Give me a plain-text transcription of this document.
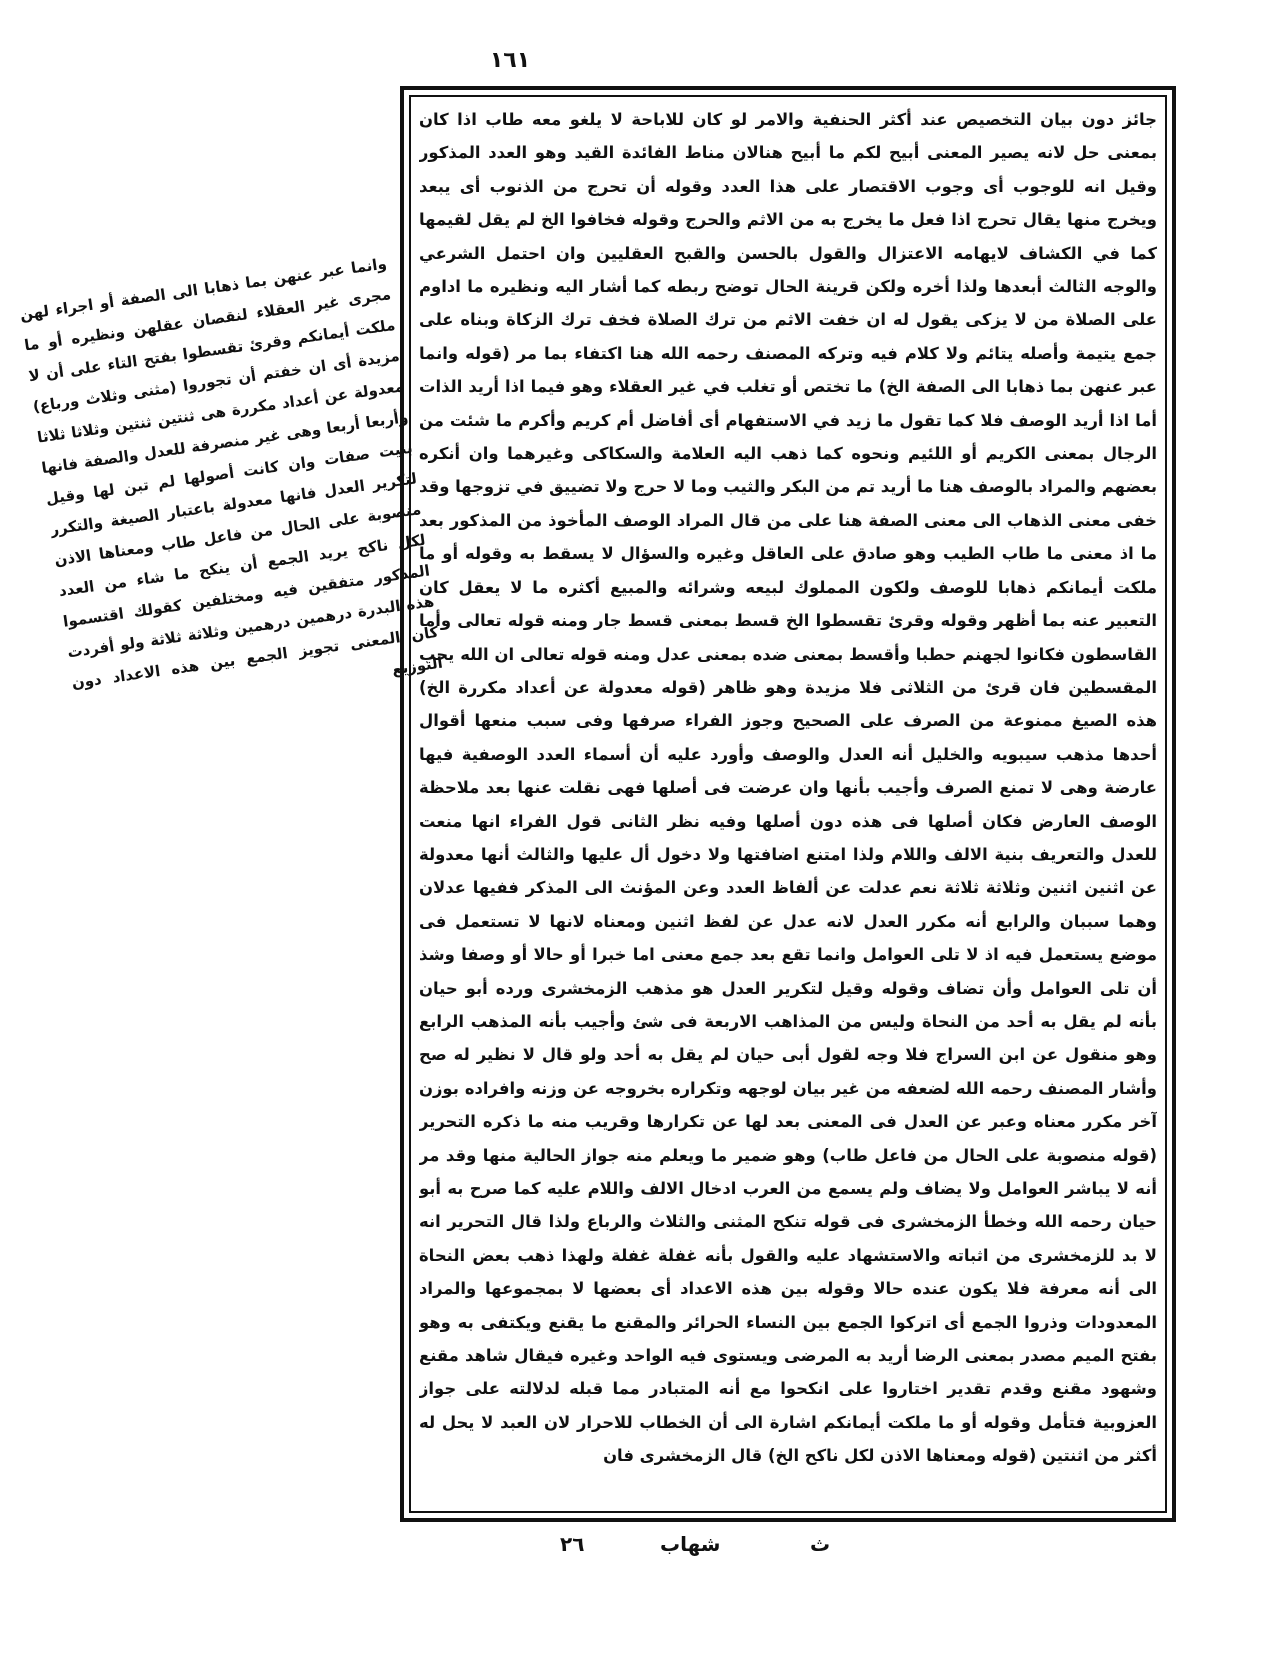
١٦١

جائز دون بيان التخصيص عند أكثر الحنفية والامر لو كان للاباحة لا يلغو معه طاب اذا كان بمعنى حل لانه يصير المعنى أبيح لكم ما أبيح هنالان مناط الفائدة القيد وهو العدد المذكور وقيل انه للوجوب أى وجوب الاقتصار على هذا العدد وقوله أن تحرج من الذنوب أى يبعد ويخرج منها يقال تحرج اذا فعل ما يخرج به من الاثم والحرج وقوله فخافوا الخ لم يقل لقيمها كما في الكشاف لايهامه الاعتزال والقول بالحسن والقبح العقليين وان احتمل الشرعي والوجه الثالث أبعدها ولذا أخره ولكن قرينة الحال توضح ربطه كما أشار اليه ونظيره ما اداوم على الصلاة من لا يزكى يقول له ان خفت الاثم من ترك الصلاة فخف ترك الزكاة وبناه على جمع يتيمة وأصله يتائم ولا كلام فيه وتركه المصنف رحمه الله هنا اكتفاء بما مر (قوله وانما عبر عنهن بما ذهابا الى الصفة الخ) ما تختص أو تغلب في غير العقلاء وهو فيما اذا أريد الذات أما اذا أريد الوصف فلا كما تقول ما زيد في الاستفهام أى أفاضل أم كريم وأكرم ما شئت من الرجال بمعنى الكريم أو اللئيم ونحوه كما ذهب اليه العلامة والسكاكى وغيرهما وان أنكره بعضهم والمراد بالوصف هنا ما أريد تم من البكر والثيب وما لا حرج ولا تضييق في تزوجها وقد خفى معنى الذهاب الى معنى الصفة هنا على من قال المراد الوصف المأخوذ من المذكور بعد ما اذ معنى ما طاب الطيب وهو صادق على العاقل وغيره والسؤال لا يسقط به وقوله أو ما ملكت أيمانكم ذهابا للوصف ولكون المملوك لبيعه وشرائه والمبيع أكثره ما لا يعقل كان التعبير عنه بما أظهر وقوله وقرئ تقسطوا الخ قسط بمعنى قسط جار ومنه قوله تعالى وأما القاسطون فكانوا لجهنم حطبا وأقسط بمعنى ضده بمعنى عدل ومنه قوله تعالى ان الله يحب المقسطين فان قرئ من الثلاثى فلا مزيدة وهو ظاهر (قوله معدولة عن أعداد مكررة الخ) هذه الصيغ ممنوعة من الصرف على الصحيح وجوز الفراء صرفها وفى سبب منعها أقوال أحدها مذهب سيبويه والخليل أنه العدل والوصف وأورد عليه أن أسماء العدد الوصفية فيها عارضة وهى لا تمنع الصرف وأجيب بأنها وان عرضت فى أصلها فهى نقلت عنها بعد ملاحظة الوصف العارض فكان أصلها فى هذه دون أصلها وفيه نظر الثانى قول الفراء انها منعت للعدل والتعريف بنية الالف واللام ولذا امتنع اضافتها ولا دخول أل عليها والثالث أنها معدولة عن اثنين اثنين وثلاثة ثلاثة نعم عدلت عن ألفاظ العدد وعن المؤنث الى المذكر ففيها عدلان وهما سببان والرابع أنه مكرر العدل لانه عدل عن لفظ اثنين ومعناه لانها لا تستعمل فى موضع يستعمل فيه اذ لا تلى العوامل وانما تقع بعد جمع معنى اما خبرا أو حالا أو وصفا وشذ أن تلى العوامل وأن تضاف وقوله وقيل لتكرير العدل هو مذهب الزمخشرى ورده أبو حيان بأنه لم يقل به أحد من النحاة وليس من المذاهب الاربعة فى شئ وأجيب بأنه المذهب الرابع وهو منقول عن ابن السراج فلا وجه لقول أبى حيان لم يقل به أحد ولو قال لا نظير له صح وأشار المصنف رحمه الله لضعفه من غير بيان لوجهه وتكراره بخروجه عن وزنه وافراده بوزن آخر مكرر معناه وعبر عن العدل فى المعنى بعد لها عن تكرارها وقريب منه ما ذكره التحرير (قوله منصوبة على الحال من فاعل طاب) وهو ضمير ما ويعلم منه جواز الحالية منها وقد مر أنه لا يباشر العوامل ولا يضاف ولم يسمع من العرب ادخال الالف واللام عليه كما صرح به أبو حيان رحمه الله وخطأ الزمخشرى فى قوله تنكح المثنى والثلاث والرباع ولذا قال التحرير انه لا بد للزمخشرى من اثباته والاستشهاد عليه والقول بأنه غفلة غفلة ولهذا ذهب بعض النحاة الى أنه معرفة فلا يكون عنده حالا وقوله بين هذه الاعداد أى بعضها لا بمجموعها والمراد المعدودات وذروا الجمع أى اتركوا الجمع بين النساء الحرائر والمقنع ما يقنع ويكتفى به وهو بفتح الميم مصدر بمعنى الرضا أريد به المرضى ويستوى فيه الواحد وغيره فيقال شاهد مقنع وشهود مقنع وقدم تقدير اختاروا على انكحوا مع أنه المتبادر مما قبله لدلالته على جواز العزوبية فتأمل وقوله أو ما ملكت أيمانكم اشارة الى أن الخطاب للاحرار لان العبد لا يحل له أكثر من اثنتين (قوله ومعناها الاذن لكل ناكح الخ) قال الزمخشرى فان

وانما عبر عنهن بما ذهابا الى الصفة أو اجراء لهن مجرى غير العقلاء لنقصان عقلهن ونظيره أو ما ملكت أيمانكم وقرئ تقسطوا بفتح التاء على أن لا مزيدة أى ان خفتم أن تجوروا (مثنى وثلاث ورباع) معدولة عن أعداد مكررة هى ثنتين ثنتين وثلاثا ثلاثا وأربعا أربعا وهى غير منصرفة للعدل والصفة فانها بنيت صفات وان كانت أصولها لم تبن لها وقيل لتكرير العدل فانها معدولة باعتبار الصيغة والتكرر منصوبة على الحال من فاعل طاب ومعناها الاذن لكل ناكح يريد الجمع أن ينكح ما شاء من العدد المذكور متفقين فيه ومختلفين كقولك اقتسموا هذه البدرة درهمين درهمين وثلاثة ثلاثة ولو أفردت كان المعنى تجويز الجمع بين هذه الاعداد دون التوزيع
٢٦	شهاب	ث
